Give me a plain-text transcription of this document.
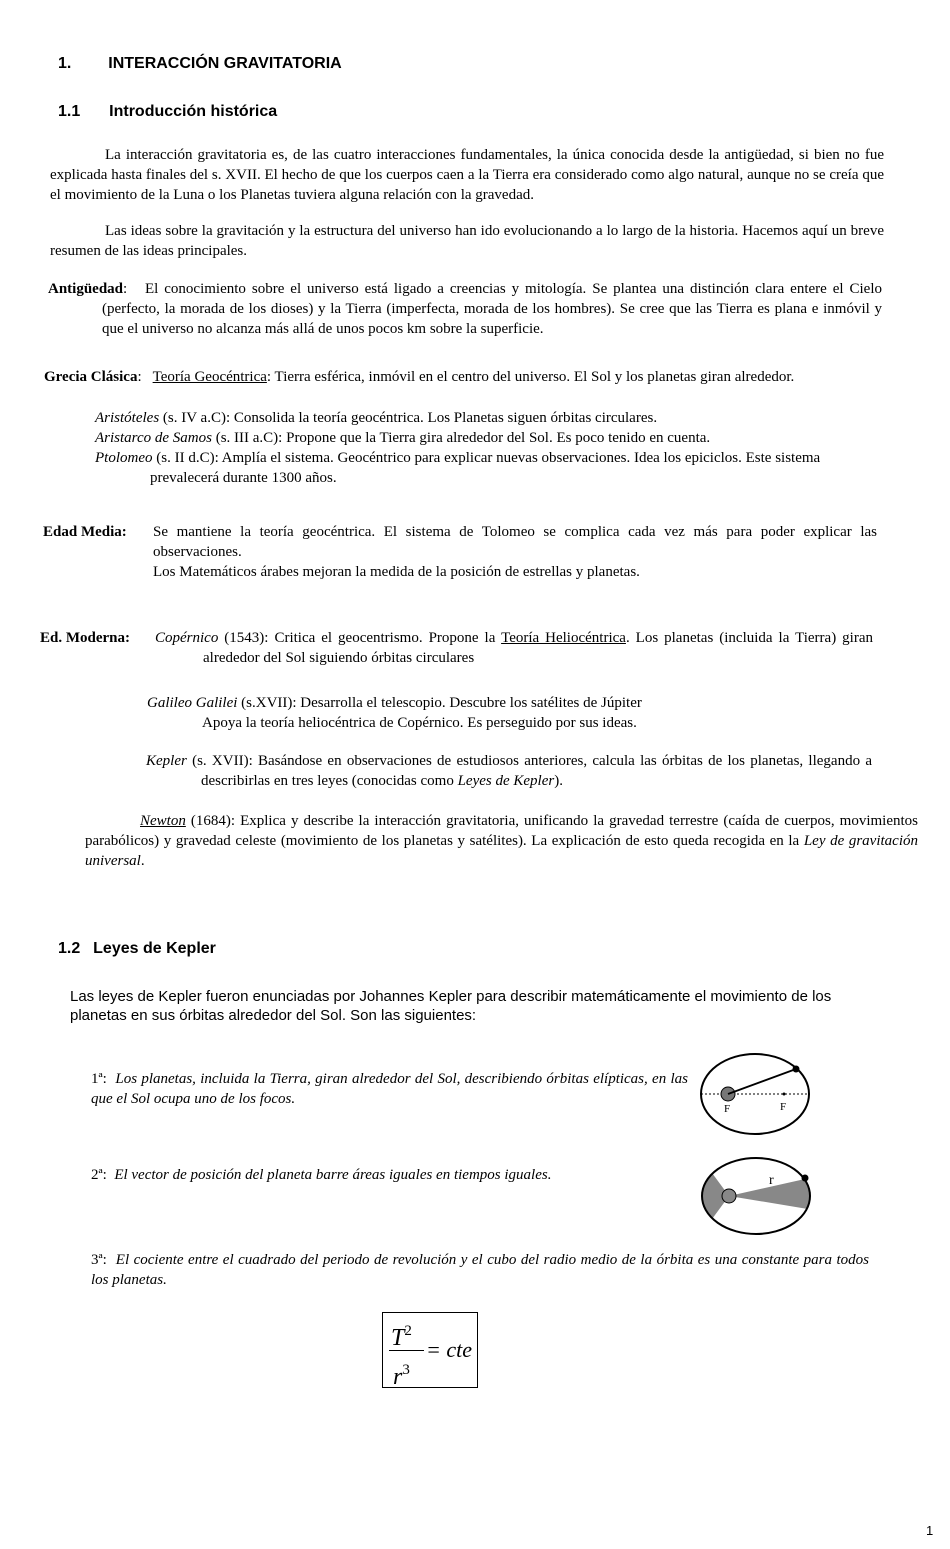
1. INTERACCIÓN GRAVITATORIA
1.1 Introducción histórica
La interacción gravitatoria es, de las cuatro interacciones fundamentales, la única conocida desde la antigüedad, si bien no fue explicada hasta finales del s. XVII. El hecho de que los cuerpos caen a la Tierra era considerado como algo natural, aunque no se creía que el movimiento de la Luna o los Planetas tuviera alguna relación con la gravedad.
Las ideas sobre la gravitación y la estructura del universo han ido evolucionando a lo largo de la historia. Hacemos aquí un breve resumen de las ideas principales.
Antigüedad:   El conocimiento sobre el universo está ligado a creencias y mitología. Se plantea una distinción clara entere el Cielo (perfecto, la morada de los dioses) y la Tierra (imperfecta, morada de los hombres). Se cree que las Tierra es plana e inmóvil y que el universo no alcanza más allá de unos pocos km sobre la superficie.
Grecia Clásica:   Teoría Geocéntrica: Tierra esférica, inmóvil en el centro del universo. El Sol y los planetas giran alrededor.
Aristóteles (s. IV a.C): Consolida la teoría geocéntrica. Los Planetas siguen órbitas circulares.
Aristarco de Samos (s. III a.C): Propone que la Tierra gira alrededor del Sol. Es poco tenido en cuenta.
Ptolomeo (s. II d.C): Amplía el sistema. Geocéntrico para explicar nuevas observaciones. Idea los epiciclos. Este sistema prevalecerá durante 1300 años.
Edad Media: Se mantiene la teoría geocéntrica. El sistema de Tolomeo se complica cada vez más para poder explicar las observaciones.
Los Matemáticos árabes mejoran la medida de la posición de estrellas y planetas.
Ed. Moderna: Copérnico (1543): Critica el geocentrismo. Propone la Teoría Heliocéntrica. Los planetas (incluida la Tierra) giran alrededor del Sol siguiendo órbitas circulares
Galileo Galilei (s.XVII): Desarrolla el telescopio. Descubre los satélites de Júpiter
Apoya la teoría heliocéntrica de Copérnico. Es perseguido por sus ideas.
Kepler (s. XVII): Basándose en observaciones de estudiosos anteriores, calcula las órbitas de los planetas, llegando a describirlas en tres leyes (conocidas como Leyes de Kepler).
Newton (1684): Explica y describe la interacción gravitatoria, unificando la gravedad terrestre (caída de cuerpos, movimientos parabólicos) y gravedad celeste (movimiento de los planetas y satélites). La explicación de esto queda recogida en la Ley de gravitación universal.
1.2 Leyes de Kepler
Las leyes de Kepler fueron enunciadas por Johannes Kepler para describir matemáticamente el movimiento de los planetas en sus órbitas alrededor del Sol. Son las siguientes:
1ª: Los planetas, incluida la Tierra, giran alrededor del Sol, describiendo órbitas elípticas, en las que el Sol ocupa uno de los focos.
F	F
2ª: El vector de posición del planeta barre áreas iguales en tiempos iguales.	r
3ª: El cociente entre el cuadrado del periodo de revolución y el cubo del radio medio de la órbita es una constante para todos los planetas.
$T^2$
$r^3$
= cte
1
